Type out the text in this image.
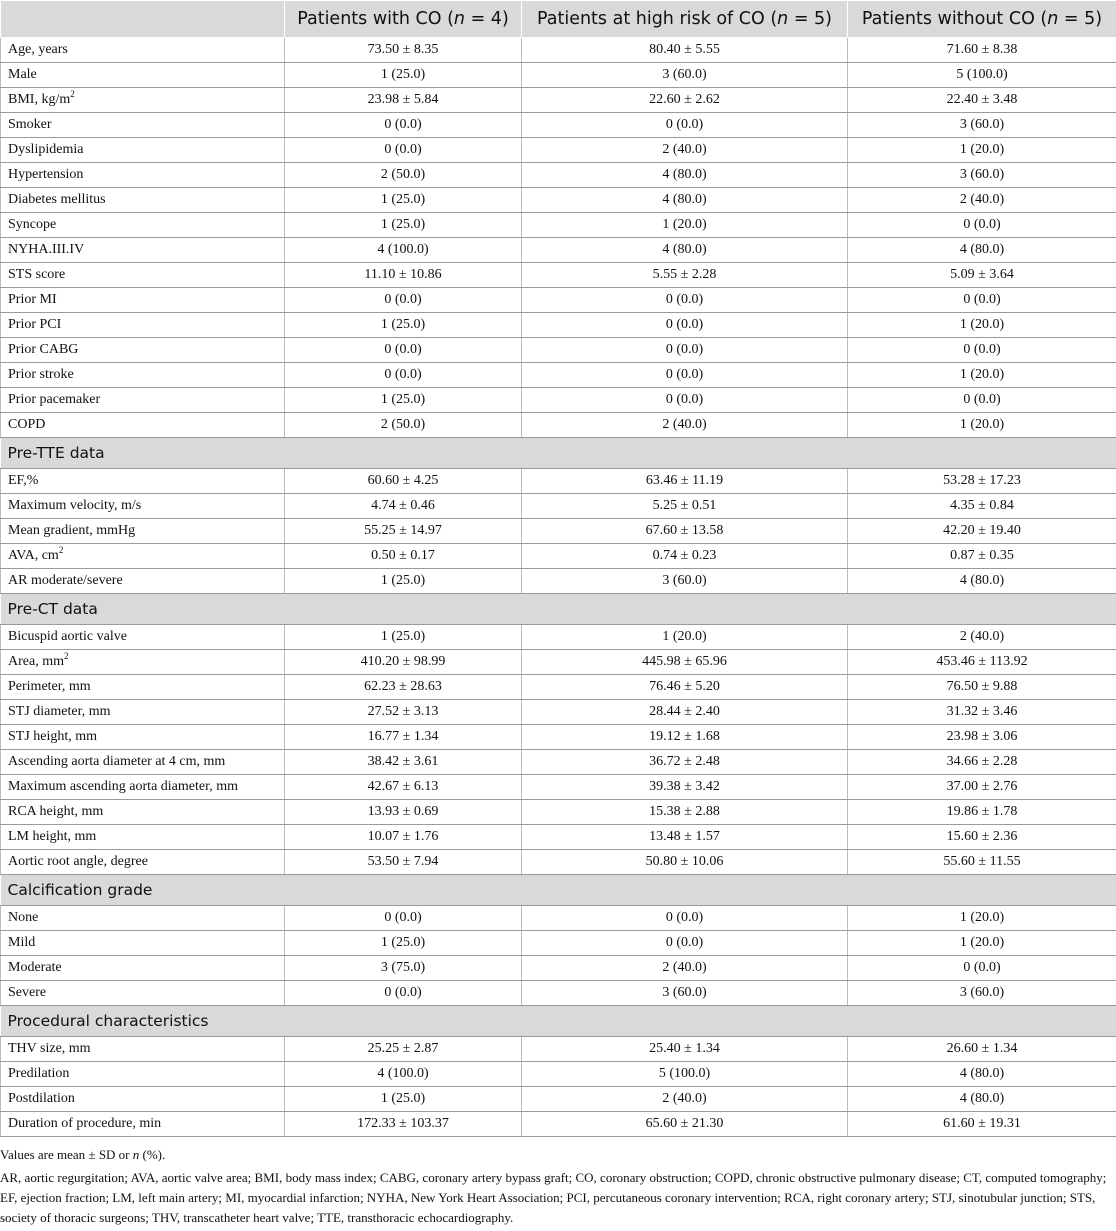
	Patients with CO (n = 4)	Patients at high risk of CO (n = 5)	Patients without CO (n = 5)
Age, years	73.50 ± 8.35	80.40 ± 5.55	71.60 ± 8.38
Male	1 (25.0)	3 (60.0)	5 (100.0)
BMI, $kg/m^2$	23.98 ± 5.84	22.60 ± 2.62	22.40 ± 3.48
Smoker	0 (0.0)	0 (0.0)	3 (60.0)
Dyslipidemia	0 (0.0)	2 (40.0)	1 (20.0)
Hypertension	2 (50.0)	4 (80.0)	3 (60.0)
Diabetes mellitus	1 (25.0)	4 (80.0)	2 (40.0)
Syncope	1 (25.0)	1 (20.0)	0 (0.0)
NYHA.III.IV	4 (100.0)	4 (80.0)	4 (80.0)
STS score	11.10 ± 10.86	5.55 ± 2.28	5.09 ± 3.64
Prior MI	0 (0.0)	0 (0.0)	0 (0.0)
Prior PCI	1 (25.0)	0 (0.0)	1 (20.0)
Prior CABG	0 (0.0)	0 (0.0)	0 (0.0)
Prior stroke	0 (0.0)	0 (0.0)	1 (20.0)
Prior pacemaker	1 (25.0)	0 (0.0)	0 (0.0)
COPD	2 (50.0)	2 (40.0)	1 (20.0)
Pre-TTE data			
EF,%	60.60 ± 4.25	63.46 ± 11.19	53.28 ± 17.23
Maximum velocity, m/s	4.74 ± 0.46	5.25 ± 0.51	4.35 ± 0.84
Mean gradient, mmHg	55.25 ± 14.97	67.60 ± 13.58	42.20 ± 19.40
AVA, $cm^2$	0.50 ± 0.17	0.74 ± 0.23	0.87 ± 0.35
AR moderate/severe	1 (25.0)	3 (60.0)	4 (80.0)
Pre-CT data			
Bicuspid aortic valve	1 (25.0)	1 (20.0)	2 (40.0)
Area, $mm^2$	410.20 ± 98.99	445.98 ± 65.96	453.46 ± 113.92
Perimeter, mm	62.23 ± 28.63	76.46 ± 5.20	76.50 ± 9.88
STJ diameter, mm	27.52 ± 3.13	28.44 ± 2.40	31.32 ± 3.46
STJ height, mm	16.77 ± 1.34	19.12 ± 1.68	23.98 ± 3.06
Ascending aorta diameter at 4 cm, mm	38.42 ± 3.61	36.72 ± 2.48	34.66 ± 2.28
Maximum ascending aorta diameter, mm	42.67 ± 6.13	39.38 ± 3.42	37.00 ± 2.76
RCA height, mm	13.93 ± 0.69	15.38 ± 2.88	19.86 ± 1.78
LM height, mm	10.07 ± 1.76	13.48 ± 1.57	15.60 ± 2.36
Aortic root angle, degree	53.50 ± 7.94	50.80 ± 10.06	55.60 ± 11.55
Calcification grade			
None	0 (0.0)	0 (0.0)	1 (20.0)
Mild	1 (25.0)	0 (0.0)	1 (20.0)
Moderate	3 (75.0)	2 (40.0)	0 (0.0)
Severe	0 (0.0)	3 (60.0)	3 (60.0)
Procedural characteristics			
THV size, mm	25.25 ± 2.87	25.40 ± 1.34	26.60 ± 1.34
Predilation	4 (100.0)	5 (100.0)	4 (80.0)
Postdilation	1 (25.0)	2 (40.0)	4 (80.0)
Duration of procedure, min	172.33 ± 103.37	65.60 ± 21.30	61.60 ± 19.31

Values are mean ± SD or n (%).

AR, aortic regurgitation; AVA, aortic valve area; BMI, body mass index; CABG, coronary artery bypass graft; CO, coronary obstruction; COPD, chronic obstructive pulmonary disease; CT, computed tomography; EF, ejection fraction; LM, left main artery; MI, myocardial infarction; NYHA, New York Heart Association; PCI, percutaneous coronary intervention; RCA, right coronary artery; STJ, sinotubular junction; STS, society of thoracic surgeons; THV, transcatheter heart valve; TTE, transthoracic echocardiography.
